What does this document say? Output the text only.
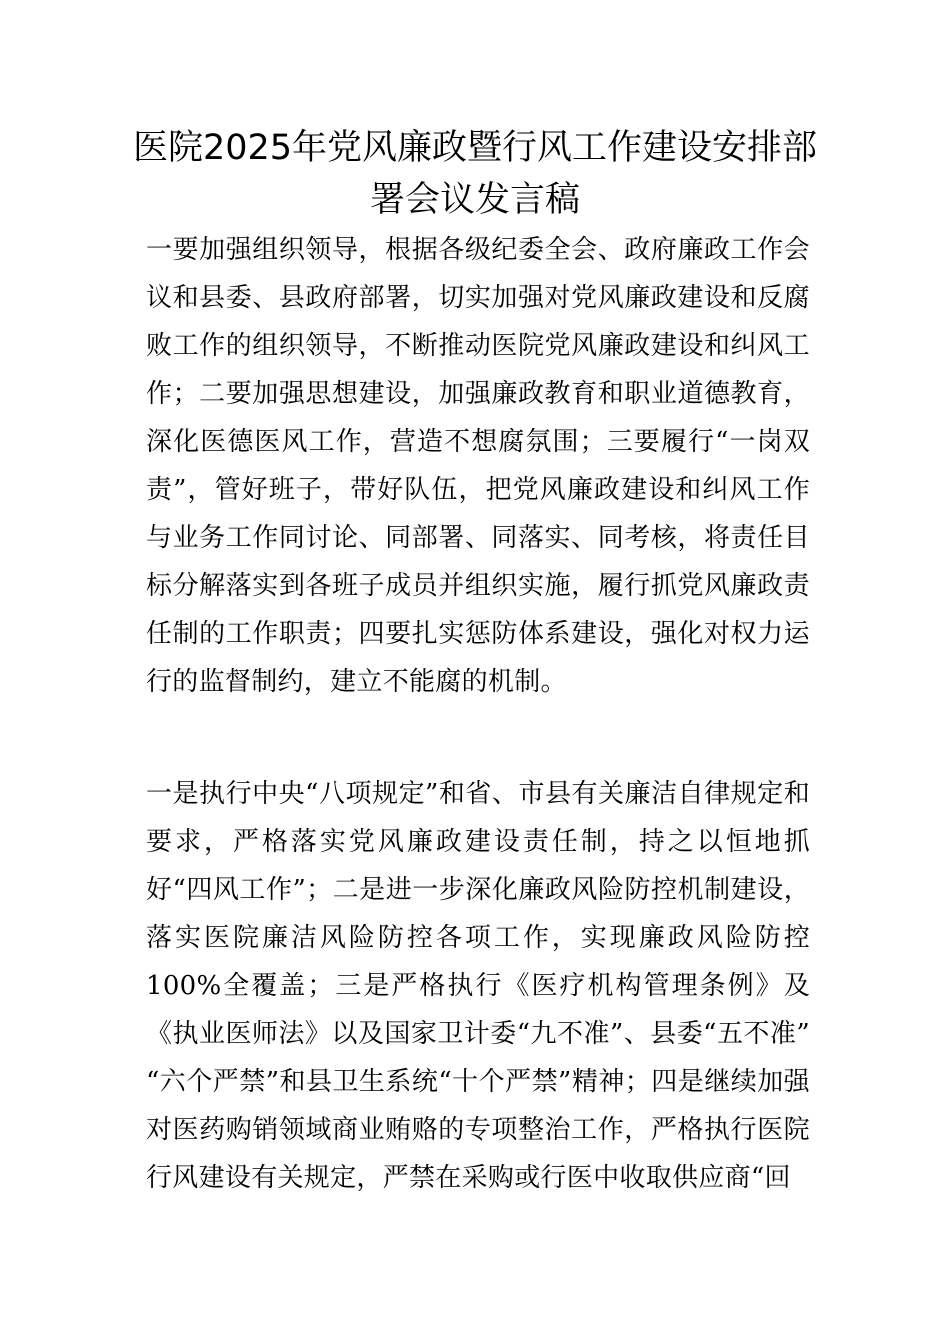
医院2025年党风廉政暨行风工作建设安排部署会议发言稿

一要加强组织领导，根据各级纪委全会、政府廉政工作会议和县委、县政府部署，切实加强对党风廉政建设和反腐败工作的组织领导，不断推动医院党风廉政建设和纠风工作；二要加强思想建设，加强廉政教育和职业道德教育，深化医德医风工作，营造不想腐氛围；三要履行“一岗双责”，管好班子，带好队伍，把党风廉政建设和纠风工作与业务工作同讨论、同部署、同落实、同考核，将责任目标分解落实到各班子成员并组织实施，履行抓党风廉政责任制的工作职责；四要扎实惩防体系建设，强化对权力运行的监督制约，建立不能腐的机制。

一是执行中央“八项规定”和省、市县有关廉洁自律规定和要求，严格落实党风廉政建设责任制，持之以恒地抓好“四风工作”；二是进一步深化廉政风险防控机制建设，落实医院廉洁风险防控各项工作，实现廉政风险防控100%全覆盖；三是严格执行《医疗机构管理条例》及《执业医师法》以及国家卫计委“九不准”、县委“五不准” “六个严禁”和县卫生系统“十个严禁”精神；四是继续加强对医药购销领域商业贿赂的专项整治工作，严格执行医院行风建设有关规定，严禁在采购或行医中收取供应商“回
